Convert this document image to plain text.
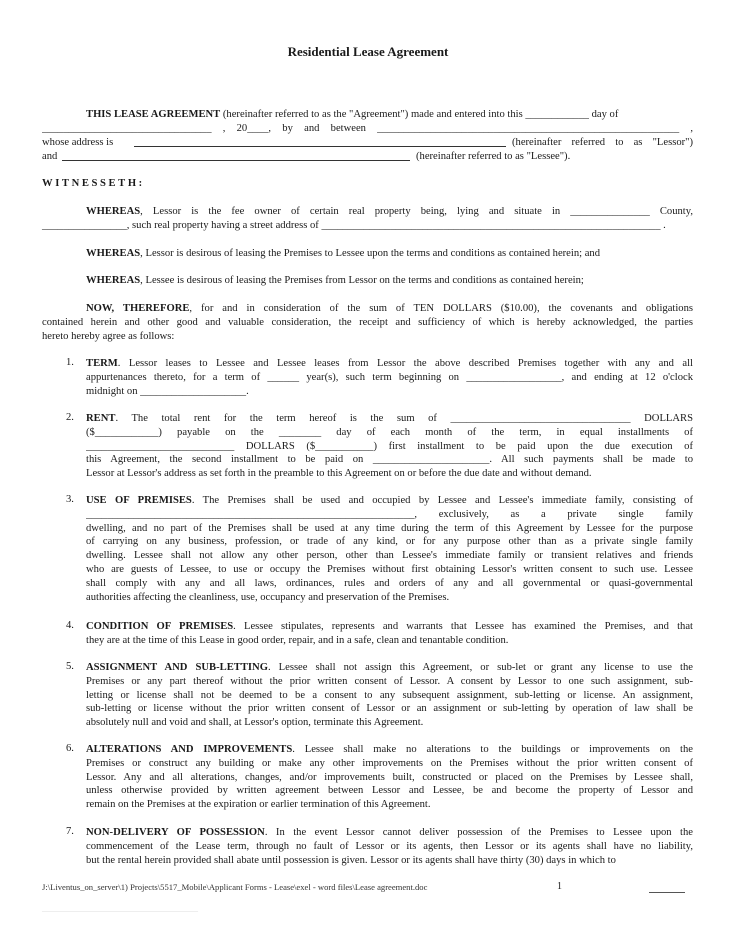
Residential Lease Agreement
THIS LEASE AGREEMENT (hereinafter referred to as the "Agreement") made and entered into this ____________ day of
________________________________ , 20____, by and between _________________________________________________________ ,
whose address is	(hereinafter referred to as "Lessor")
and	(hereinafter referred to as "Lessee").
WITNESSETH:
WHEREAS, Lessor is the fee owner of certain real property being, lying and situate in _______________ County,
________________, such real property having a street address of ________________________________________________________________ .
WHEREAS, Lessor is desirous of leasing the Premises to Lessee upon the terms and conditions as contained herein; and
WHEREAS, Lessee is desirous of leasing the Premises from Lessor on the terms and conditions as contained herein;
NOW, THEREFORE, for and in consideration of the sum of TEN DOLLARS ($10.00), the covenants and obligations
contained herein and other good and valuable consideration, the receipt and sufficiency of which is hereby acknowledged, the parties
hereto hereby agree as follows:
1. TERM. Lessor leases to Lessee and Lessee leases from Lessor the above described Premises together with any and all
appurtenances thereto, for a term of ______ year(s), such term beginning on __________________, and ending at 12 o'clock
midnight on ____________________.
2. RENT. The total rent for the term hereof is the sum of __________________________________ DOLLARS
($____________) payable on the ________ day of each month of the term, in equal installments of
____________________________ DOLLARS ($___________) first installment to be paid upon the due execution of
this Agreement, the second installment to be paid on ______________________. All such payments shall be made to
Lessor at Lessor's address as set forth in the preamble to this Agreement on or before the due date and without demand.
3. USE OF PREMISES. The Premises shall be used and occupied by Lessee and Lessee's immediate family, consisting of
______________________________________________________________, exclusively, as a private single family
dwelling, and no part of the Premises shall be used at any time during the term of this Agreement by Lessee for the purpose
of carrying on any business, profession, or trade of any kind, or for any purpose other than as a private single family
dwelling. Lessee shall not allow any other person, other than Lessee's immediate family or transient relatives and friends
who are guests of Lessee, to use or occupy the Premises without first obtaining Lessor's written consent to such use. Lessee
shall comply with any and all laws, ordinances, rules and orders of any and all governmental or quasi-governmental
authorities affecting the cleanliness, use, occupancy and preservation of the Premises.
4. CONDITION OF PREMISES. Lessee stipulates, represents and warrants that Lessee has examined the Premises, and that
they are at the time of this Lease in good order, repair, and in a safe, clean and tenantable condition.
5. ASSIGNMENT AND SUB-LETTING. Lessee shall not assign this Agreement, or sub-let or grant any license to use the
Premises or any part thereof without the prior written consent of Lessor. A consent by Lessor to one such assignment, sub-
letting or license shall not be deemed to be a consent to any subsequent assignment, sub-letting or license. An assignment,
sub-letting or license without the prior written consent of Lessor or an assignment or sub-letting by operation of law shall be
absolutely null and void and shall, at Lessor's option, terminate this Agreement.
6. ALTERATIONS AND IMPROVEMENTS. Lessee shall make no alterations to the buildings or improvements on the
Premises or construct any building or make any other improvements on the Premises without the prior written consent of
Lessor. Any and all alterations, changes, and/or improvements built, constructed or placed on the Premises by Lessee shall,
unless otherwise provided by written agreement between Lessor and Lessee, be and become the property of Lessor and
remain on the Premises at the expiration or earlier termination of this Agreement.
7. NON-DELIVERY OF POSSESSION. In the event Lessor cannot deliver possession of the Premises to Lessee upon the
commencement of the Lease term, through no fault of Lessor or its agents, then Lessor or its agents shall have no liability,
but the rental herein provided shall abate until possession is given. Lessor or its agents shall have thirty (30) days in which to
J:\Liventus_on_server\1) Projects\5517_Mobile\Applicant Forms - Lease\exel - word files\Lease agreement.doc	1
_______________________________________
